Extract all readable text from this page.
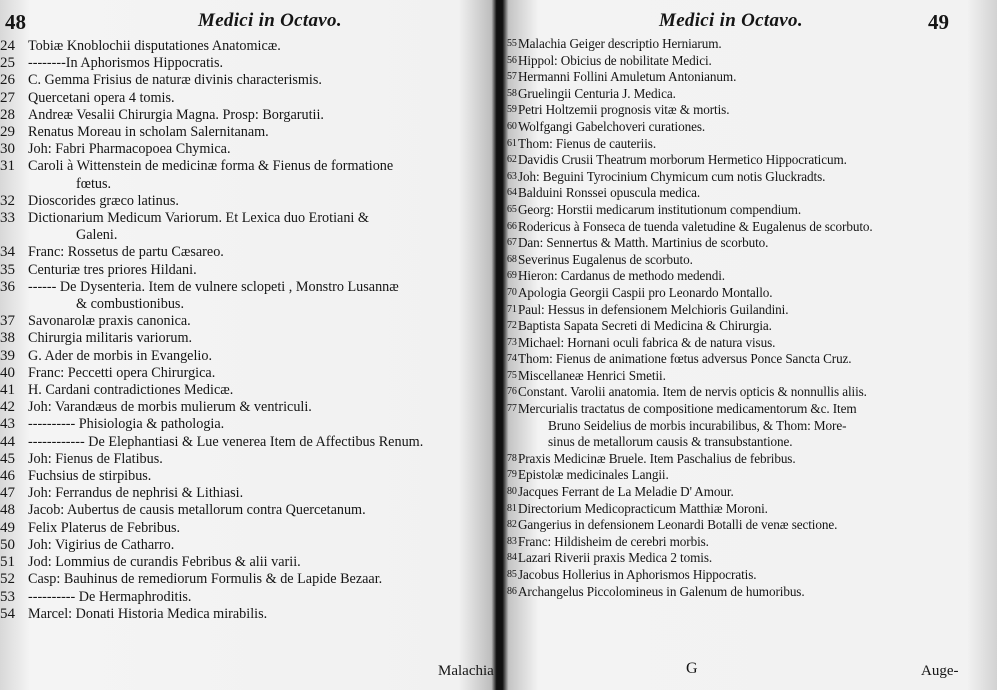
48	Medici in Octavo.
24 Tobiæ Knoblochii disputationes Anatomicæ.
25 --------In Aphorismos Hippocratis.
26 C. Gemma Frisius de naturæ divinis characterismis.
27 Quercetani opera 4 tomis.
28 Andreæ Vesalii Chirurgia Magna. Prosp: Borgarutii.
29 Renatus Moreau in scholam Salernitanam.
30 Joh: Fabri Pharmacopoea Chymica.
31 Caroli à Wittenstein de medicinæ forma & Fienus de formatione
fœtus.
32 Dioscorides græco latinus.
33 Dictionarium Medicum Variorum. Et Lexica duo Erotiani &
Galeni.
34 Franc: Rossetus de partu Cæsareo.
35 Centuriæ tres priores Hildani.
36 ------ De Dysenteria. Item de vulnere sclopeti , Monstro Lusannæ
& combustionibus.
37 Savonarolæ praxis canonica.
38 Chirurgia militaris variorum.
39 G. Ader de morbis in Evangelio.
40 Franc: Peccetti opera Chirurgica.
41 H. Cardani contradictiones Medicæ.
42 Joh: Varandæus de morbis mulierum & ventriculi.
43 ---------- Phisiologia & pathologia.
44 ------------ De Elephantiasi & Lue venerea Item de Affectibus Renum.
45 Joh: Fienus de Flatibus.
46 Fuchsius de stirpibus.
47 Joh: Ferrandus de nephrisi & Lithiasi.
48 Jacob: Aubertus de causis metallorum contra Quercetanum.
49 Felix Platerus de Febribus.
50 Joh: Vigirius de Catharro.
51 Jod: Lommius de curandis Febribus & alii varii.
52 Casp: Bauhinus de remediorum Formulis & de Lapide Bezaar.
53 ---------- De Hermaphroditis.
54 Marcel: Donati Historia Medica mirabilis.
Malachia
Medici in Octavo.	49
55 Malachia Geiger descriptio Herniarum.
56 Hippol: Obicius de nobilitate Medici.
57 Hermanni Follini Amuletum Antonianum.
58 Gruelingii Centuria J. Medica.
59 Petri Holtzemii prognosis vitæ & mortis.
60 Wolfgangi Gabelchoveri curationes.
61 Thom: Fienus de cauteriis.
62 Davidis Crusii Theatrum morborum Hermetico Hippocraticum.
63 Joh: Beguini Tyrocinium Chymicum cum notis Gluckradts.
64 Balduini Ronssei opuscula medica.
65 Georg: Horstii medicarum institutionum compendium.
66 Rodericus à Fonseca de tuenda valetudine & Eugalenus de scorbuto.
67 Dan: Sennertus & Matth. Martinius de scorbuto.
68 Severinus Eugalenus de scorbuto.
69 Hieron: Cardanus de methodo medendi.
70 Apologia Georgii Caspii pro Leonardo Montallo.
71 Paul: Hessus in defensionem Melchioris Guilandini.
72 Baptista Sapata Secreti di Medicina & Chirurgia.
73 Michael: Hornani oculi fabrica & de natura visus.
74 Thom: Fienus de animatione fœtus adversus Ponce Sancta Cruz.
75 Miscellaneæ Henrici Smetii.
76 Constant. Varolii anatomia. Item de nervis opticis & nonnullis aliis.
77 Mercurialis tractatus de compositione medicamentorum &c. Item
Bruno Seidelius de morbis incurabilibus, & Thom: More-
sinus de metallorum causis & transubstantione.
78 Praxis Medicinæ Bruele. Item Paschalius de febribus.
79 Epistolæ medicinales Langii.
80 Jacques Ferrant de La Meladie D' Amour.
81 Directorium Medicopracticum Matthiæ Moroni.
82 Gangerius in defensionem Leonardi Botalli de venæ sectione.
83 Franc: Hildisheim de cerebri morbis.
84 Lazari Riverii praxis Medica 2 tomis.
85 Jacobus Hollerius in Aphorismos Hippocratis.
86 Archangelus Piccolomineus in Galenum de humoribus.
G	Auge-
